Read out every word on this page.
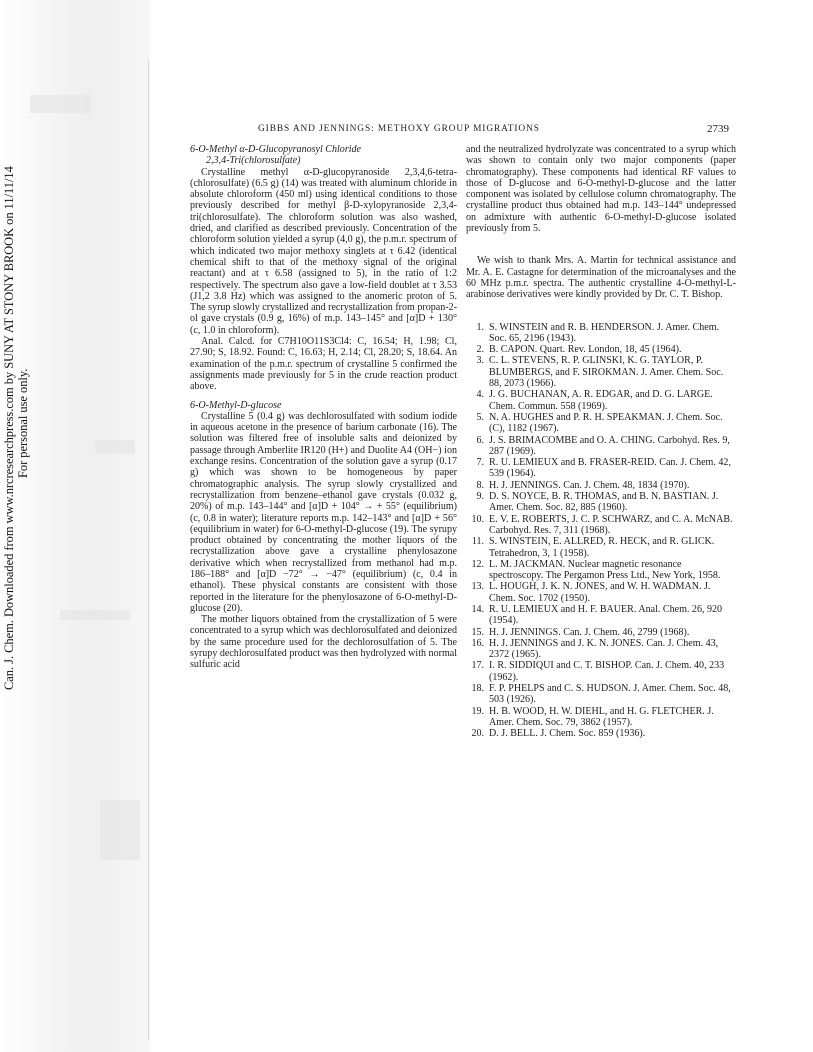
Can. J. Chem. Downloaded from www.nrcresearchpress.com by SUNY AT STONY BROOK on 11/11/14 For personal use only.
GIBBS AND JENNINGS: METHOXY GROUP MIGRATIONS	2739
6-O-Methyl α-D-Glucopyranosyl Chloride
2,3,4-Tri(chlorosulfate)

Crystalline methyl α-D-glucopyranoside 2,3,4,6-tetra-(chlorosulfate) (6.5 g) (14) was treated with aluminum chloride in absolute chloroform (450 ml) using identical conditions to those previously described for methyl β-D-xylopyranoside 2,3,4-tri(chlorosulfate). The chloroform solution was also washed, dried, and clarified as described previously. Concentration of the chloroform solution yielded a syrup (4,0 g), the p.m.r. spectrum of which indicated two major methoxy singlets at τ 6.42 (identical chemical shift to that of the methoxy signal of the original reactant) and at τ 6.58 (assigned to 5), in the ratio of 1:2 respectively. The spectrum also gave a low-field doublet at τ 3.53 (J1,2 3.8 Hz) which was assigned to the anomeric proton of 5. The syrup slowly crystallized and recrystallization from propan-2-ol gave crystals (0.9 g, 16%) of m.p. 143–145° and [α]D + 130° (c, 1.0 in chloroform).

Anal. Calcd. for C7H10O11S3Cl4: C, 16.54; H, 1.98; Cl, 27.90; S, 18.92. Found: C, 16.63; H, 2.14; Cl, 28.20; S, 18.64. An examination of the p.m.r. spectrum of crystalline 5 confirmed the assignments made previously for 5 in the crude reaction product above.

6-O-Methyl-D-glucose

Crystalline 5 (0.4 g) was dechlorosulfated with sodium iodide in aqueous acetone in the presence of barium carbonate (16). The solution was filtered free of insoluble salts and deionized by passage through Amberlite IR120 (H+) and Duolite A4 (OH−) ion exchange resins. Concentration of the solution gave a syrup (0.17 g) which was shown to be homogeneous by paper chromatographic analysis. The syrup slowly crystallized and recrystallization from benzene–ethanol gave crystals (0.032 g, 20%) of m.p. 143–144° and [α]D + 104° → + 55° (equilibrium) (c, 0.8 in water); literature reports m.p. 142–143° and [α]D + 56° (equilibrium in water) for 6-O-methyl-D-glucose (19). The syrupy product obtained by concentrating the mother liquors of the recrystallization above gave a crystalline phenylosazone derivative which when recrystallized from methanol had m.p. 186–188° and [α]D −72° → −47° (equilibrium) (c, 0.4 in ethanol). These physical constants are consistent with those reported in the literature for the phenylosazone of 6-O-methyl-D-glucose (20).

The mother liquors obtained from the crystallization of 5 were concentrated to a syrup which was dechlorosulfated and deionized by the same procedure used for the dechlorosulfation of 5. The syrupy dechlorosulfated product was then hydrolyzed with normal sulfuric acid

and the neutralized hydrolyzate was concentrated to a syrup which was shown to contain only two major components (paper chromatography). These components had identical RF values to those of D-glucose and 6-O-methyl-D-glucose and the latter component was isolated by cellulose column chromatography. The crystalline product thus obtained had m.p. 143–144° undepressed on admixture with authentic 6-O-methyl-D-glucose isolated previously from 5.

We wish to thank Mrs. A. Martin for technical assistance and Mr. A. E. Castagne for determination of the microanalyses and the 60 MHz p.m.r. spectra. The authentic crystalline 4-O-methyl-L-arabinose derivatives were kindly provided by Dr. C. T. Bishop.

1. S. WINSTEIN and R. B. HENDERSON. J. Amer. Chem. Soc. 65, 2196 (1943).
2. B. CAPON. Quart. Rev. London, 18, 45 (1964).
3. C. L. STEVENS, R. P. GLINSKI, K. G. TAYLOR, P. BLUMBERGS, and F. SIROKMAN. J. Amer. Chem. Soc. 88, 2073 (1966).
4. J. G. BUCHANAN, A. R. EDGAR, and D. G. LARGE. Chem. Commun. 558 (1969).
5. N. A. HUGHES and P. R. H. SPEAKMAN. J. Chem. Soc. (C), 1182 (1967).
6. J. S. BRIMACOMBE and O. A. CHING. Carbohyd. Res. 9, 287 (1969).
7. R. U. LEMIEUX and B. FRASER-REID. Can. J. Chem. 42, 539 (1964).
8. H. J. JENNINGS. Can. J. Chem. 48, 1834 (1970).
9. D. S. NOYCE, B. R. THOMAS, and B. N. BASTIAN. J. Amer. Chem. Soc. 82, 885 (1960).
10. E. V. E. ROBERTS, J. C. P. SCHWARZ, and C. A. McNAB. Carbohyd. Res. 7, 311 (1968).
11. S. WINSTEIN, E. ALLRED, R. HECK, and R. GLICK. Tetrahedron, 3, 1 (1958).
12. L. M. JACKMAN. Nuclear magnetic resonance spectroscopy. The Pergamon Press Ltd., New York, 1958.
13. L. HOUGH, J. K. N. JONES, and W. H. WADMAN. J. Chem. Soc. 1702 (1950).
14. R. U. LEMIEUX and H. F. BAUER. Anal. Chem. 26, 920 (1954).
15. H. J. JENNINGS. Can. J. Chem. 46, 2799 (1968).
16. H. J. JENNINGS and J. K. N. JONES. Can. J. Chem. 43, 2372 (1965).
17. I. R. SIDDIQUI and C. T. BISHOP. Can. J. Chem. 40, 233 (1962).
18. F. P. PHELPS and C. S. HUDSON. J. Amer. Chem. Soc. 48, 503 (1926).
19. H. B. WOOD, H. W. DIEHL, and H. G. FLETCHER. J. Amer. Chem. Soc. 79, 3862 (1957).
20. D. J. BELL. J. Chem. Soc. 859 (1936).
